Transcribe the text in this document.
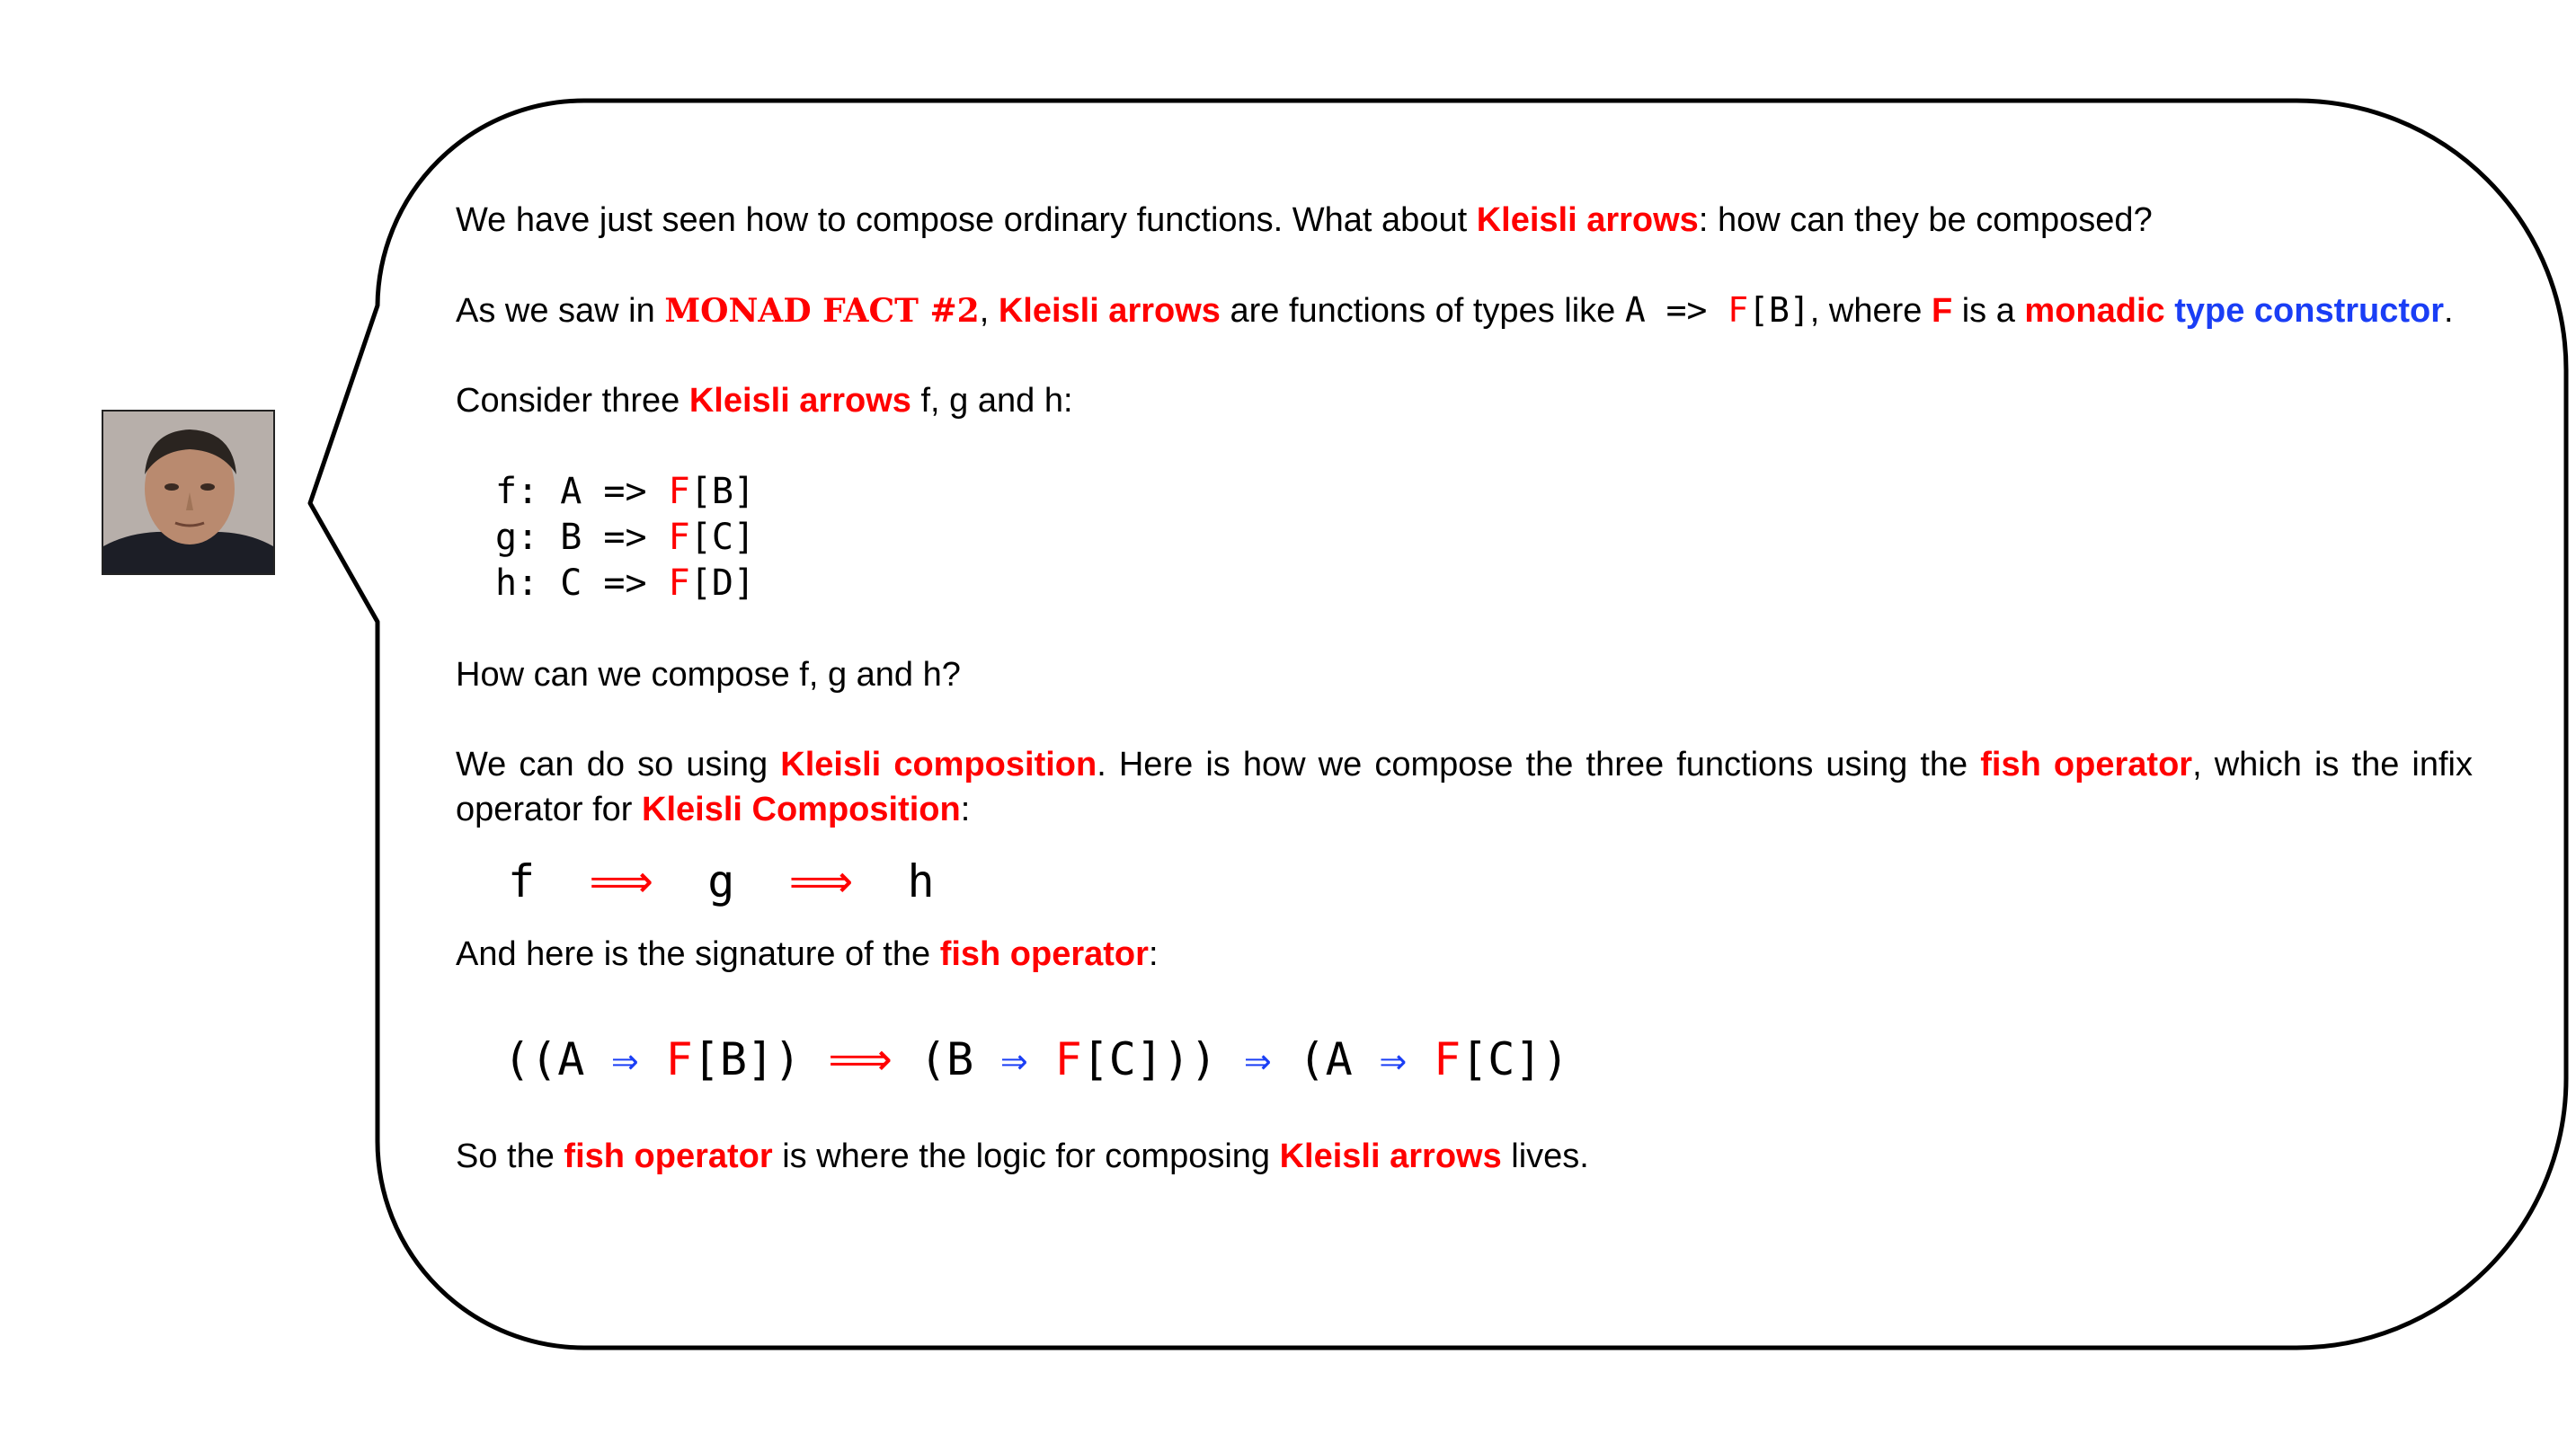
We have just seen how to compose ordinary functions. What about Kleisli arrows: how can they be composed?

As we saw in MONAD FACT #2, Kleisli arrows are functions of types like A => F[B], where F is a monadic type constructor.

Consider three Kleisli arrows f, g and h:

f: A => F[B]
g: B => F[C]
h: C => F[D]

How can we compose f, g and h?

We can do so using Kleisli composition. Here is how we compose the three functions using the fish operator, which is the infix operator for Kleisli Composition:

f ⟹ g ⟹ h

And here is the signature of the fish operator:

((A ⇒ F[B]) ⟹ (B ⇒ F[C])) ⇒ (A ⇒ F[C])

So the fish operator is where the logic for composing Kleisli arrows lives.
